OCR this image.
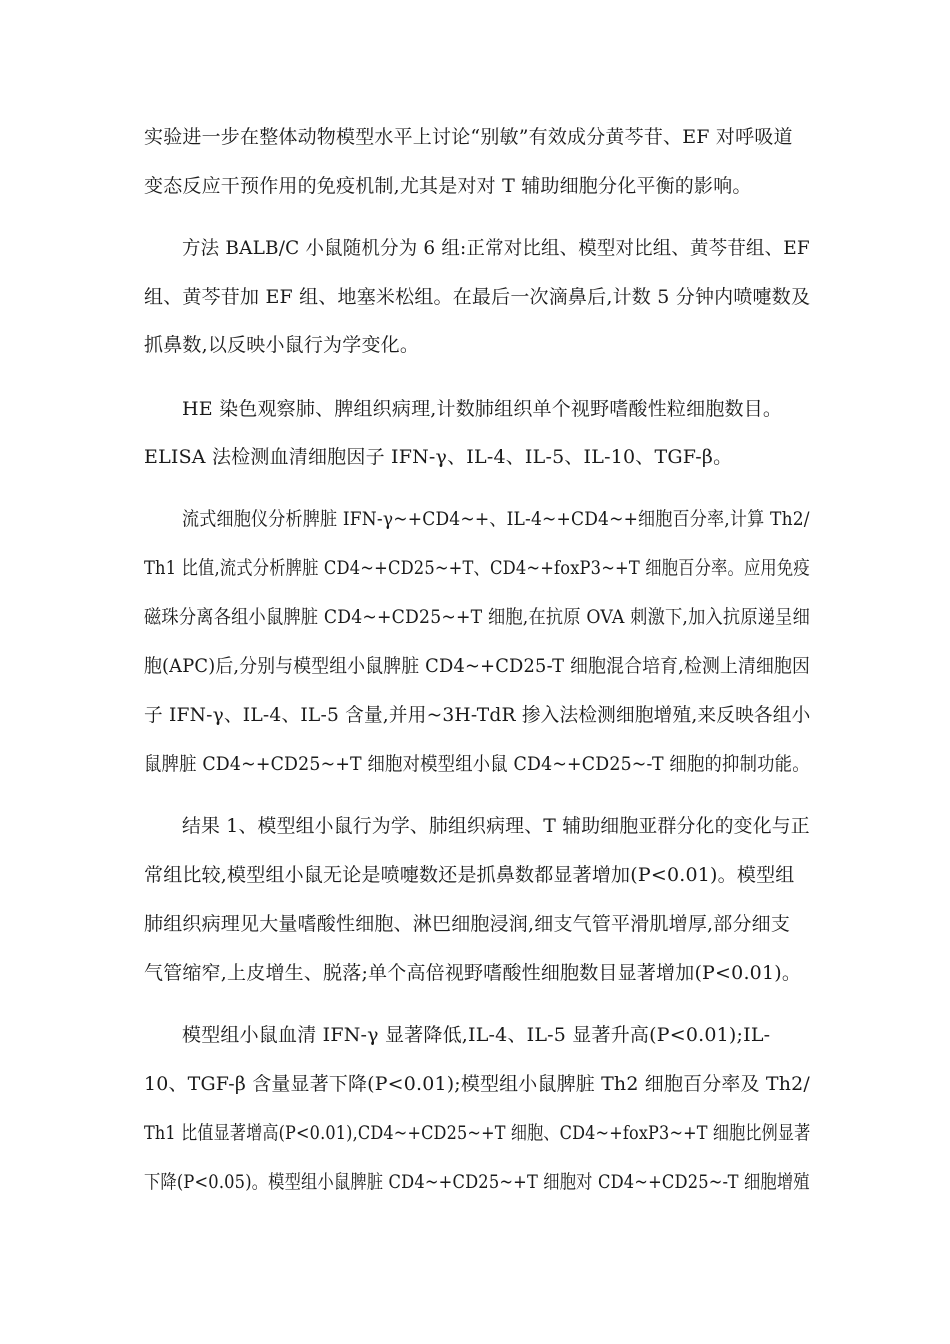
实验进一步在整体动物模型水平上讨论“别敏”有效成分黄芩苷、EF 对呼吸道

变态反应干预作用的免疫机制,尤其是对对 T 辅助细胞分化平衡的影响。

方法 BALB/C 小鼠随机分为 6 组:正常对比组、模型对比组、黄芩苷组、EF

组、黄芩苷加 EF 组、地塞米松组。在最后一次滴鼻后,计数 5 分钟内喷嚏数及

抓鼻数,以反映小鼠行为学变化。

HE 染色观察肺、脾组织病理,计数肺组织单个视野嗜酸性粒细胞数目。

ELISA 法检测血清细胞因子 IFN-γ、IL-4、IL-5、IL-10、TGF-β。

流式细胞仪分析脾脏 IFN-γ~+CD4~+、IL-4~+CD4~+细胞百分率,计算 Th2/

Th1 比值,流式分析脾脏 CD4~+CD25~+T、CD4~+foxP3~+T 细胞百分率。应用免疫

磁珠分离各组小鼠脾脏 CD4~+CD25~+T 细胞,在抗原 OVA 刺激下,加入抗原递呈细

胞(APC)后,分别与模型组小鼠脾脏 CD4~+CD25-T 细胞混合培育,检测上清细胞因

子 IFN-γ、IL-4、IL-5 含量,并用~3H-TdR 掺入法检测细胞增殖,来反映各组小

鼠脾脏 CD4~+CD25~+T 细胞对模型组小鼠 CD4~+CD25~-T 细胞的抑制功能。

结果 1、模型组小鼠行为学、肺组织病理、T 辅助细胞亚群分化的变化与正

常组比较,模型组小鼠无论是喷嚏数还是抓鼻数都显著增加(P<0.01)。模型组

肺组织病理见大量嗜酸性细胞、淋巴细胞浸润,细支气管平滑肌增厚,部分细支

气管缩窄,上皮增生、脱落;单个高倍视野嗜酸性细胞数目显著增加(P<0.01)。

模型组小鼠血清 IFN-γ 显著降低,IL-4、IL-5 显著升高(P<0.01);IL-

10、TGF-β 含量显著下降(P<0.01);模型组小鼠脾脏 Th2 细胞百分率及 Th2/

Th1 比值显著增高(P<0.01),CD4~+CD25~+T 细胞、CD4~+foxP3~+T 细胞比例显著

下降(P<0.05)。模型组小鼠脾脏 CD4~+CD25~+T 细胞对 CD4~+CD25~-T 细胞增殖
